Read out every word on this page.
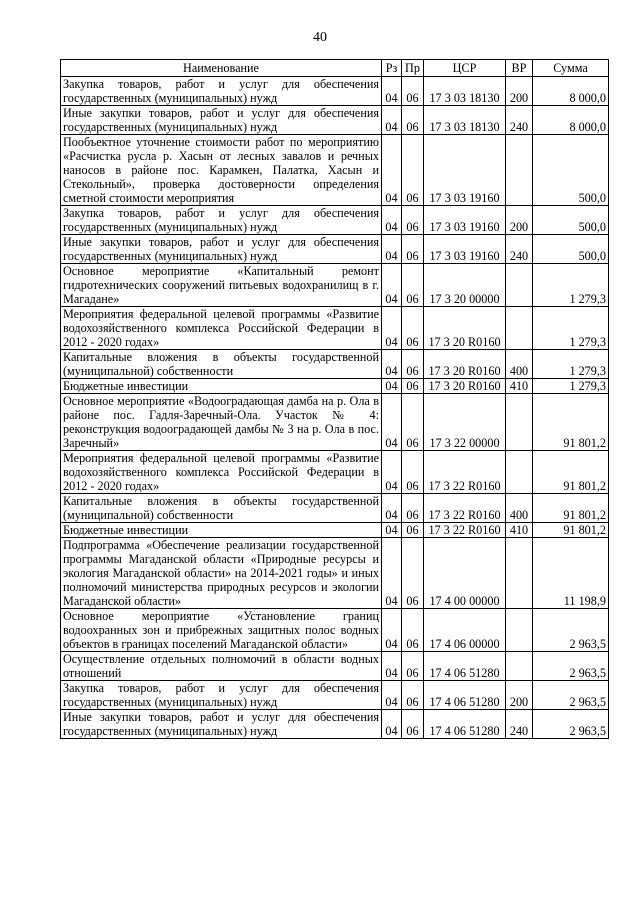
40
Наименование	Рз	Пр	ЦСР	ВР	Сумма
Закупка товаров, работ и услуг для обеспечения государственных (муниципальных) нужд	04	06	17 3 03 18130	200	8 000,0
Иные закупки товаров, работ и услуг для обеспечения государственных (муниципальных) нужд	04	06	17 3 03 18130	240	8 000,0
Пообъектное уточнение стоимости работ по мероприятию «Расчистка русла р. Хасын от лесных завалов и речных наносов в районе пос. Карамкен, Палатка, Хасын и Стекольный», проверка достоверности определения сметной стоимости мероприятия	04	06	17 3 03 19160		500,0
Закупка товаров, работ и услуг для обеспечения государственных (муниципальных) нужд	04	06	17 3 03 19160	200	500,0
Иные закупки товаров, работ и услуг для обеспечения государственных (муниципальных) нужд	04	06	17 3 03 19160	240	500,0
Основное мероприятие «Капитальный ремонт гидротехнических сооружений питьевых водохранилищ в г. Магадане»	04	06	17 3 20 00000		1 279,3
Мероприятия федеральной целевой программы «Развитие водохозяйственного комплекса Российской Федерации в 2012 - 2020 годах»	04	06	17 3 20 R0160		1 279,3
Капитальные вложения в объекты государственной (муниципальной) собственности	04	06	17 3 20 R0160	400	1 279,3
Бюджетные инвестиции	04	06	17 3 20 R0160	410	1 279,3
Основное мероприятие «Водооградающая дамба на р. Ола в районе пос. Гадля-Заречный-Ола. Участок № 4: реконструкция водооградающей дамбы № 3 на р. Ола в пос. Заречный»	04	06	17 3 22 00000		91 801,2
Мероприятия федеральной целевой программы «Развитие водохозяйственного комплекса Российской Федерации в 2012 - 2020 годах»	04	06	17 3 22 R0160		91 801,2
Капитальные вложения в объекты государственной (муниципальной) собственности	04	06	17 3 22 R0160	400	91 801,2
Бюджетные инвестиции	04	06	17 3 22 R0160	410	91 801,2
Подпрограмма «Обеспечение реализации государственной программы Магаданской области «Природные ресурсы и экология Магаданской области» на 2014-2021 годы» и иных полномочий министерства природных ресурсов и экологии Магаданской области»	04	06	17 4 00 00000		11 198,9
Основное мероприятие «Установление границ водоохранных зон и прибрежных защитных полос водных объектов в границах поселений Магаданской области»	04	06	17 4 06 00000		2 963,5
Осуществление отдельных полномочий в области водных отношений	04	06	17 4 06 51280		2 963,5
Закупка товаров, работ и услуг для обеспечения государственных (муниципальных) нужд	04	06	17 4 06 51280	200	2 963,5
Иные закупки товаров, работ и услуг для обеспечения государственных (муниципальных) нужд	04	06	17 4 06 51280	240	2 963,5
